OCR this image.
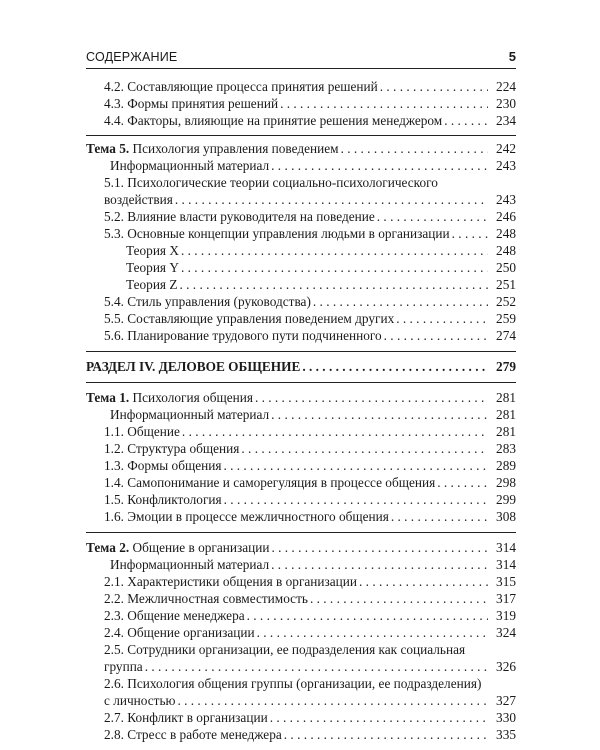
СОДЕРЖАНИЕ	5
4.2. Составляющие процесса принятия решений . . .	224
4.3. Формы принятия решений . . .	230
4.4. Факторы, влияющие на принятие решения менеджером . . .	234
Тема 5. Психология управления поведением . . .	242
Информационный материал . . .	243
5.1. Психологические теории социально-психологического
воздействия . . .	243
5.2. Влияние власти руководителя на поведение . . .	246
5.3. Основные концепции управления людьми в организации . . .	248
Теория X . . .	248
Теория Y . . .	250
Теория Z . . .	251
5.4. Стиль управления (руководства) . . .	252
5.5. Составляющие управления поведением других . . .	259
5.6. Планирование трудового пути подчиненного . . .	274
РАЗДЕЛ IV. ДЕЛОВОЕ ОБЩЕНИЕ . . .	279
Тема 1. Психология общения . . .	281
Информационный материал . . .	281
1.1. Общение . . .	281
1.2. Структура общения . . .	283
1.3. Формы общения . . .	289
1.4. Самопонимание и саморегуляция в процессе общения . . .	298
1.5. Конфликтология . . .	299
1.6. Эмоции в процессе межличностного общения . . .	308
Тема 2. Общение в организации . . .	314
Информационный материал . . .	314
2.1. Характеристики общения в организации . . .	315
2.2. Межличностная совместимость . . .	317
2.3. Общение менеджера . . .	319
2.4. Общение организации . . .	324
2.5. Сотрудники организации, ее подразделения как социальная
группа . . .	326
2.6. Психология общения группы (организации, ее подразделения)
с личностью . . .	327
2.7. Конфликт в организации . . .	330
2.8. Стресс в работе менеджера . . .	335
